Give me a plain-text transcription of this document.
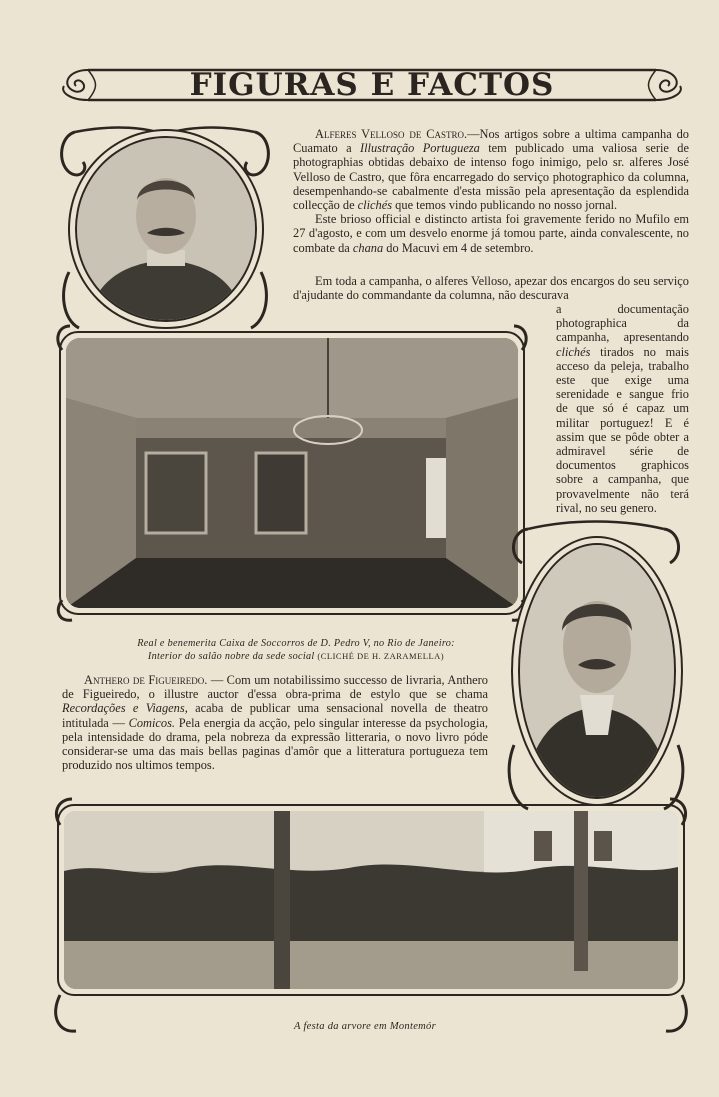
FIGURAS E FACTOS

Alferes Velloso de Castro.—Nos artigos sobre a ultima campanha do Cuamato a Illustração Portugueza tem publicado uma valiosa serie de photographias obtidas debaixo de intenso fogo inimigo, pelo sr. alferes José Velloso de Castro, que fôra encarregado do serviço photographico da columna, desempenhando-se cabalmente d'esta missão pela apresentação da esplendida collecção de clichés que temos vindo publicando no nosso jornal.

Este brioso official e distincto artista foi gravemente ferido no Mufilo em 27 d'agosto, e com um desvelo enorme já tomou parte, ainda convalescente, no combate da chana do Macuvi em 4 de setembro.

Em toda a campanha, o alferes Velloso, apezar dos encargos do seu serviço d'ajudante do commandante da columna, não descurava

a documentação photographica da campanha, apresentando clichés tirados no mais acceso da peleja, trabalho este que exige uma serenidade e sangue frio de que só é capaz um militar portuguez! E é assim que se pôde obter a admiravel série de documentos graphicos sobre a campanha, que provavelmente não terá rival, no seu genero.

Real e benemerita Caixa de Soccorros de D. Pedro V, no Rio de Janeiro:
Interior do salão nobre da sede social (CLICHÉ DE H. ZARAMELLA)

Anthero de Figueiredo. — Com um notabilissimo successo de livraria, Anthero de Figueiredo, o illustre auctor d'essa obra-prima de estylo que se chama Recordações e Viagens, acaba de publicar uma sensacional novella de theatro intitulada — Comicos. Pela energia da acção, pelo singular interesse da psychologia, pela intensidade do drama, pela nobreza da expressão litteraria, o novo livro póde considerar-se uma das mais bellas paginas d'amôr que a litteratura portugueza tem produzido nos ultimos tempos.

A festa da arvore em Montemór
